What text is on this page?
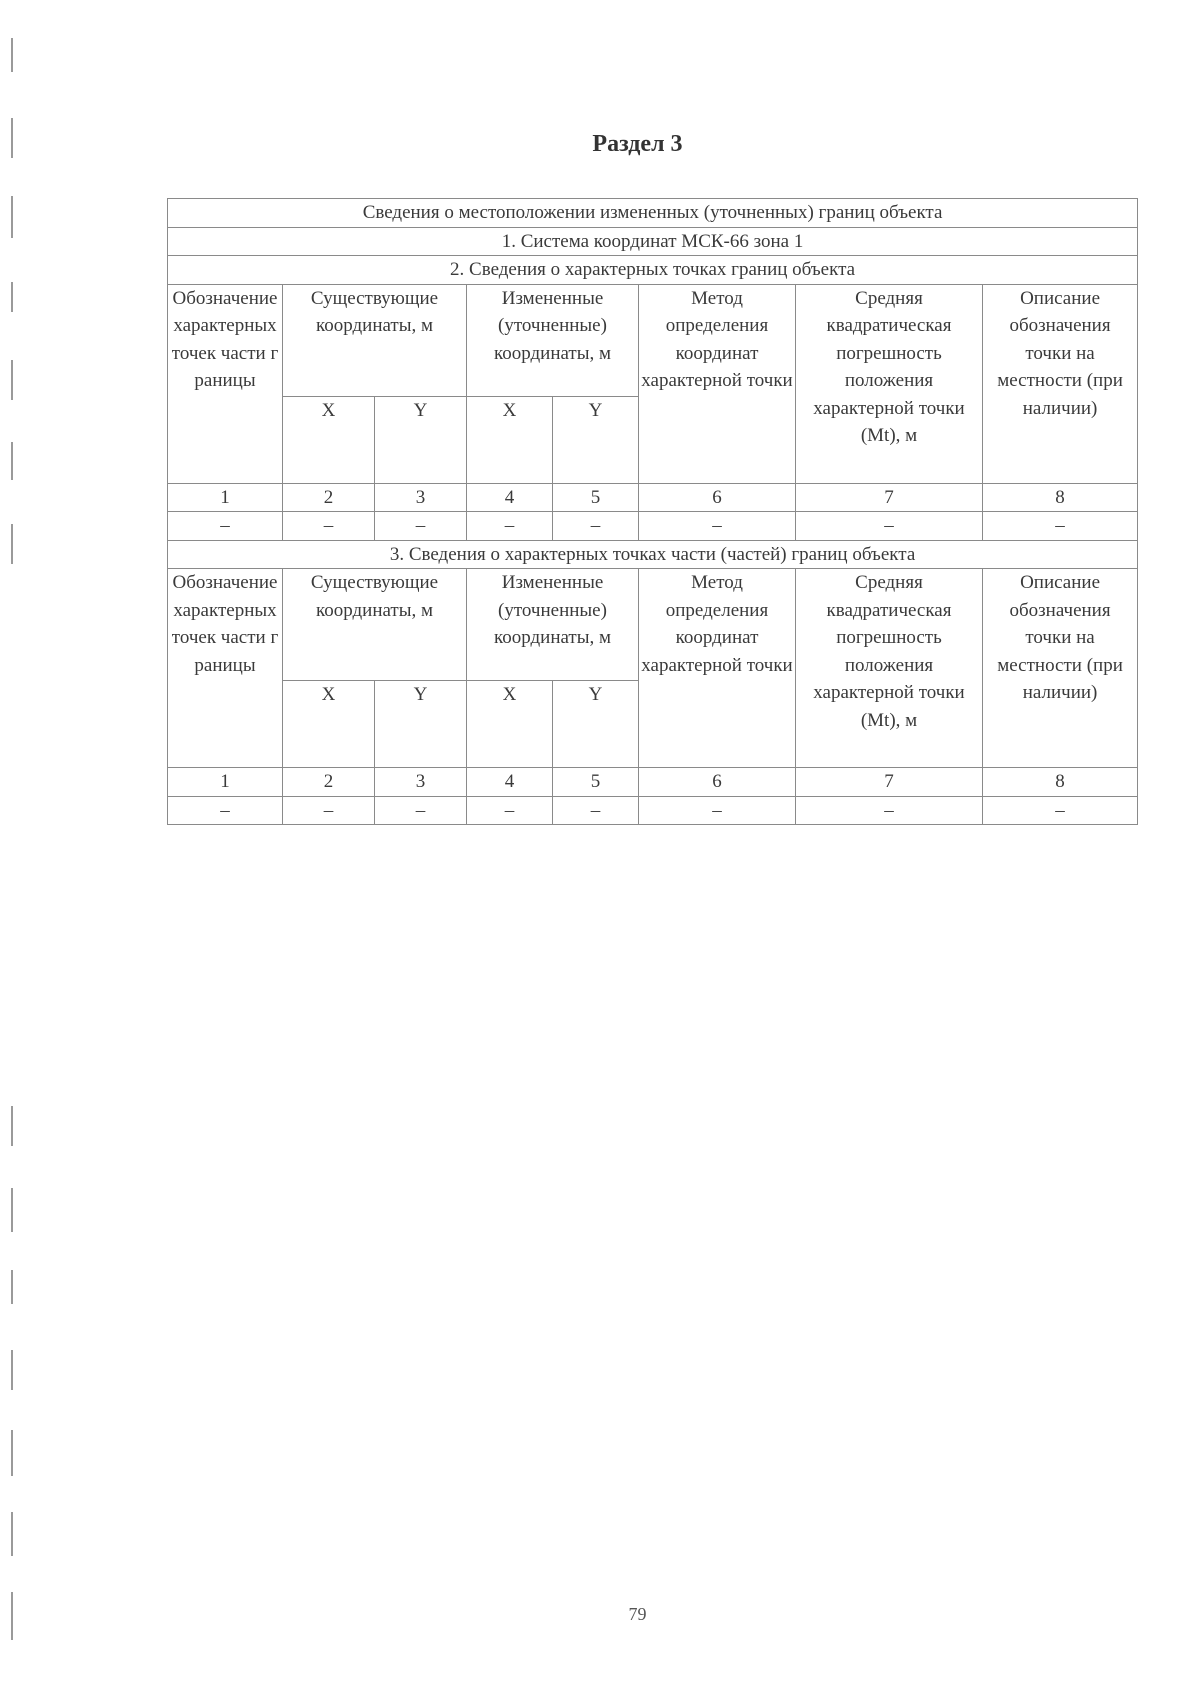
Раздел 3
Сведения о местоположении измененных (уточненных) границ объекта							
1. Система координат МСК-66 зона 1							
2. Сведения о характерных точках границ объекта							
Обозначение характерных точек части границы	Существующие координаты, м		Измененные (уточненные) координаты, м		Метод определения координат характерной точки	Средняя квадратическая погрешность положения характерной точки (Mt), м	Описание обозначения точки на местности (при наличии)
	X	Y	X	Y			
1	2	3	4	5	6	7	8
–	–	–	–	–	–	–	–
3. Сведения о характерных точках части (частей) границ объекта							
Обозначение характерных точек части границы	Существующие координаты, м		Измененные (уточненные) координаты, м		Метод определения координат характерной точки	Средняя квадратическая погрешность положения характерной точки (Mt), м	Описание обозначения точки на местности (при наличии)
	X	Y	X	Y			
1	2	3	4	5	6	7	8
–	–	–	–	–	–	–	–
79
